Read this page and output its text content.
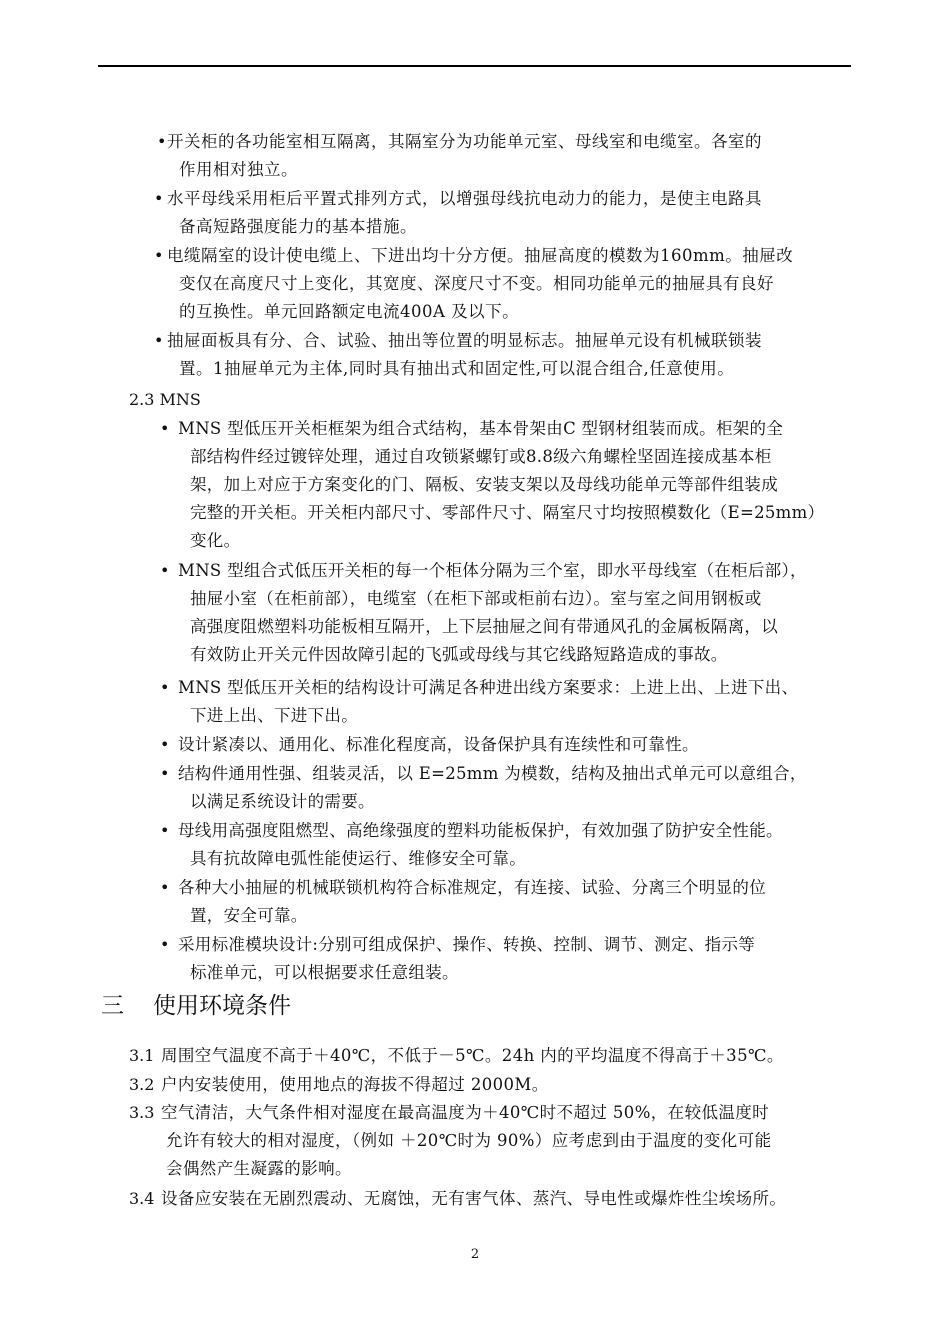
• 开关柜的各功能室相互隔离，其隔室分为功能单元室、母线室和电缆室。各室的
作用相对独立。
• 水平母线采用柜后平置式排列方式，以增强母线抗电动力的能力，是使主电路具
备高短路强度能力的基本措施。
• 电缆隔室的设计使电缆上、下进出均十分方便。抽屉高度的模数为160mm。抽屉改
变仅在高度尺寸上变化，其宽度、深度尺寸不变。相同功能单元的抽屉具有良好
的互换性。单元回路额定电流400A 及以下。
• 抽屉面板具有分、合、试验、抽出等位置的明显标志。抽屉单元设有机械联锁装
置。1抽屉单元为主体,同时具有抽出式和固定性,可以混合组合,任意使用。
2.3 MNS
• MNS 型低压开关柜框架为组合式结构，基本骨架由C 型钢材组装而成。柜架的全
部结构件经过镀锌处理，通过自攻锁紧螺钉或8.8级六角螺栓坚固连接成基本柜
架，加上对应于方案变化的门、隔板、安装支架以及母线功能单元等部件组装成
完整的开关柜。开关柜内部尺寸、零部件尺寸、隔室尺寸均按照模数化（E=25mm）
变化。
• MNS 型组合式低压开关柜的每一个柜体分隔为三个室，即水平母线室（在柜后部），
抽屉小室（在柜前部），电缆室（在柜下部或柜前右边）。室与室之间用钢板或
高强度阻燃塑料功能板相互隔开，上下层抽屉之间有带通风孔的金属板隔离，以
有效防止开关元件因故障引起的飞弧或母线与其它线路短路造成的事故。
• MNS 型低压开关柜的结构设计可满足各种进出线方案要求：上进上出、上进下出、
下进上出、下进下出。
• 设计紧凑以、通用化、标准化程度高，设备保护具有连续性和可靠性。
• 结构件通用性强、组装灵活，以 E=25mm 为模数，结构及抽出式单元可以意组合，
以满足系统设计的需要。
• 母线用高强度阻燃型、高绝缘强度的塑料功能板保护，有效加强了防护安全性能。
具有抗故障电弧性能使运行、维修安全可靠。
• 各种大小抽屉的机械联锁机构符合标准规定，有连接、试验、分离三个明显的位
置，安全可靠。
• 采用标准模块设计:分别可组成保护、操作、转换、控制、调节、测定、指示等
标准单元，可以根据要求任意组装。
三 使用环境条件
3.1 周围空气温度不高于＋40℃，不低于－5℃。24h 内的平均温度不得高于＋35℃。
3.2 户内安装使用，使用地点的海拔不得超过 2000M。
3.3 空气清洁，大气条件相对湿度在最高温度为＋40℃时不超过 50%，在较低温度时
允许有较大的相对湿度，（例如 ＋20℃时为 90%）应考虑到由于温度的变化可能
会偶然产生凝露的影响。
3.4 设备应安装在无剧烈震动、无腐蚀，无有害气体、蒸汽、导电性或爆炸性尘埃场所。
2
